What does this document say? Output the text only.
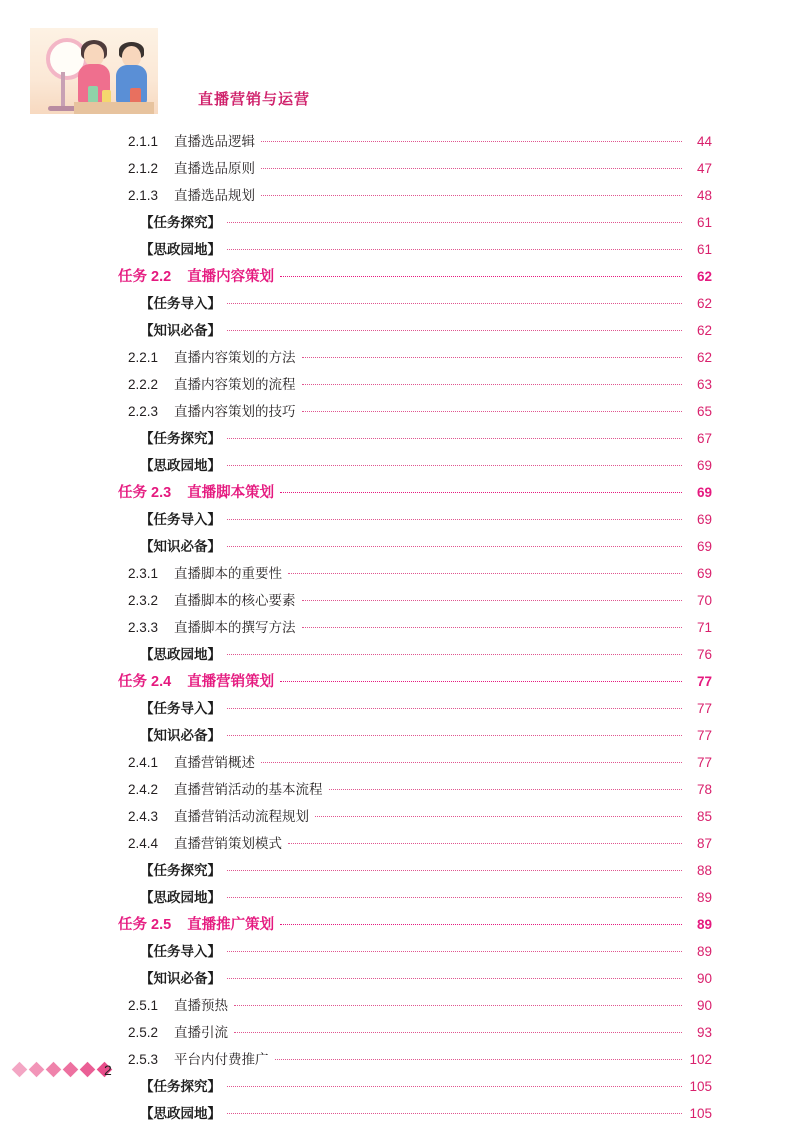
直播营销与运营
2.1.1	直播选品逻辑	44
2.1.2	直播选品原则	47
2.1.3	直播选品规划	48
【任务探究】	61
【思政园地】	61
任务 2.2 直播内容策划	62
【任务导入】	62
【知识必备】	62
2.2.1	直播内容策划的方法	62
2.2.2	直播内容策划的流程	63
2.2.3	直播内容策划的技巧	65
【任务探究】	67
【思政园地】	69
任务 2.3 直播脚本策划	69
【任务导入】	69
【知识必备】	69
2.3.1	直播脚本的重要性	69
2.3.2	直播脚本的核心要素	70
2.3.3	直播脚本的撰写方法	71
【思政园地】	76
任务 2.4 直播营销策划	77
【任务导入】	77
【知识必备】	77
2.4.1	直播营销概述	77
2.4.2	直播营销活动的基本流程	78
2.4.3	直播营销活动流程规划	85
2.4.4	直播营销策划模式	87
【任务探究】	88
【思政园地】	89
任务 2.5 直播推广策划	89
【任务导入】	89
【知识必备】	90
2.5.1	直播预热	90
2.5.2	直播引流	93
2.5.3	平台内付费推广	102
【任务探究】	105
【思政园地】	105
2
